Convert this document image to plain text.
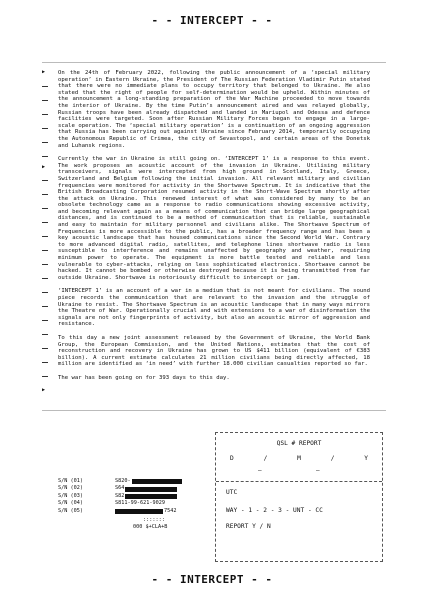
- - INTERCEPT - -
▶
▶
▶

On the 24th of February 2022, following the public announcement of a ‘special military operation’ in Eastern Ukraine, the President of The Russian Federation Vladimir Putin stated that there were no immediate plans to occupy territory that belonged to Ukraine. He also stated that the right of people for self-determination would be upheld. Within minutes of the announcement a long-standing preparation of the War Machine proceeded to move towards the interior of Ukraine. By the time Putin’s announcement aired and was relayed globally, Russian troops have been already dispatched and landed in Mariupol and Odessa and defence facilities were targeted. Soon after Russian Military Forces began to engage in a large-scale operation. The ‘special military operation’ is a continuation of an ongoing aggression that Russia has been carrying out against Ukraine since February 2014, temporarily occupying the Autonomous Republic of Crimea, the city of Sevastopol, and certain areas of the Donetsk and Luhansk regions.

Currently the war in Ukraine is still going on. ‘INTERCEPT 1’ is a response to this event. The work proposes an acoustic account of the invasion in Ukraine. Utilising military transceivers, signals were intercepted from high ground in Scotland, Italy, Greece, Switzerland and Belgium following the initial invasion. All relevant military and civilian frequencies were monitored for activity in the Shortwave Spectrum. It is indicative that the British Broadcasting Corporation resumed activity in the Short-Wave Spectrum shortly after the attack on Ukraine. This renewed interest of what was considered by many to be an obsolete technology came as a response to radio communications showing excessive activity, and becoming relevant again as a means of communication that can bridge large geographical distances, and is continued to be a method of communication that is reliable, sustainable and easy to maintain for military personnel and civilians alike. The Shortwave Spectrum of Frequencies is more accessible to the public, has a broader frequency range and has been a key acoustic landscape that has housed communications since the Second World War. Contrary to more advanced digital radio, satellites, and telephone lines shortwave radio is less susceptible to interference and remains unaffected by geography and weather, requiring minimum power to operate. The equipment is more battle tested and reliable and less vulnerable to cyber-attacks, relying on less sophisticated electronics. Shortwave cannot be hacked. It cannot be bombed or otherwise destroyed because it is being transmitted from far outside Ukraine. Shortwave is notoriously difficult to intercept or jam.

‘INTERCEPT 1’ is an account of a war in a medium that is not meant for civilians. The sound piece records the communication that are relevant to the invasion and the struggle of Ukraine to resist. The Shortwave Spectrum is an acoustic landscape that in many ways mirrors the Theatre of War. Operationally crucial and with extensions to a war of disinformation the signals are not only fingerprints of activity, but also an acoustic mirror of aggression and resistance.

To this day a new joint assessment released by the Government of Ukraine, the World Bank Group, the European Commission, and the United Nations, estimates that the cost of reconstruction and recovery in Ukraine has grown to US $411 billion (equivalent of €383 billion). A current estimate calculates 21 million civilians being directly affected, 18 million are identified as ‘in need’ with further 18.000 civilian casualties reported so far.

The war has been going on for 393 days to this day.

S/N (01)	S820-
S/N (02)	S64
S/N (03)	S82
S/N (04)	S811-99-621-9029
S/N (05)	7542
:::::::
000 $+CLA+B
QSL # REPORT
D	/	M	/	Y
–	–
UTC
WAY - 1 - 2 - 3 - UNT - CC
REPORT Y / N
- - INTERCEPT - -
